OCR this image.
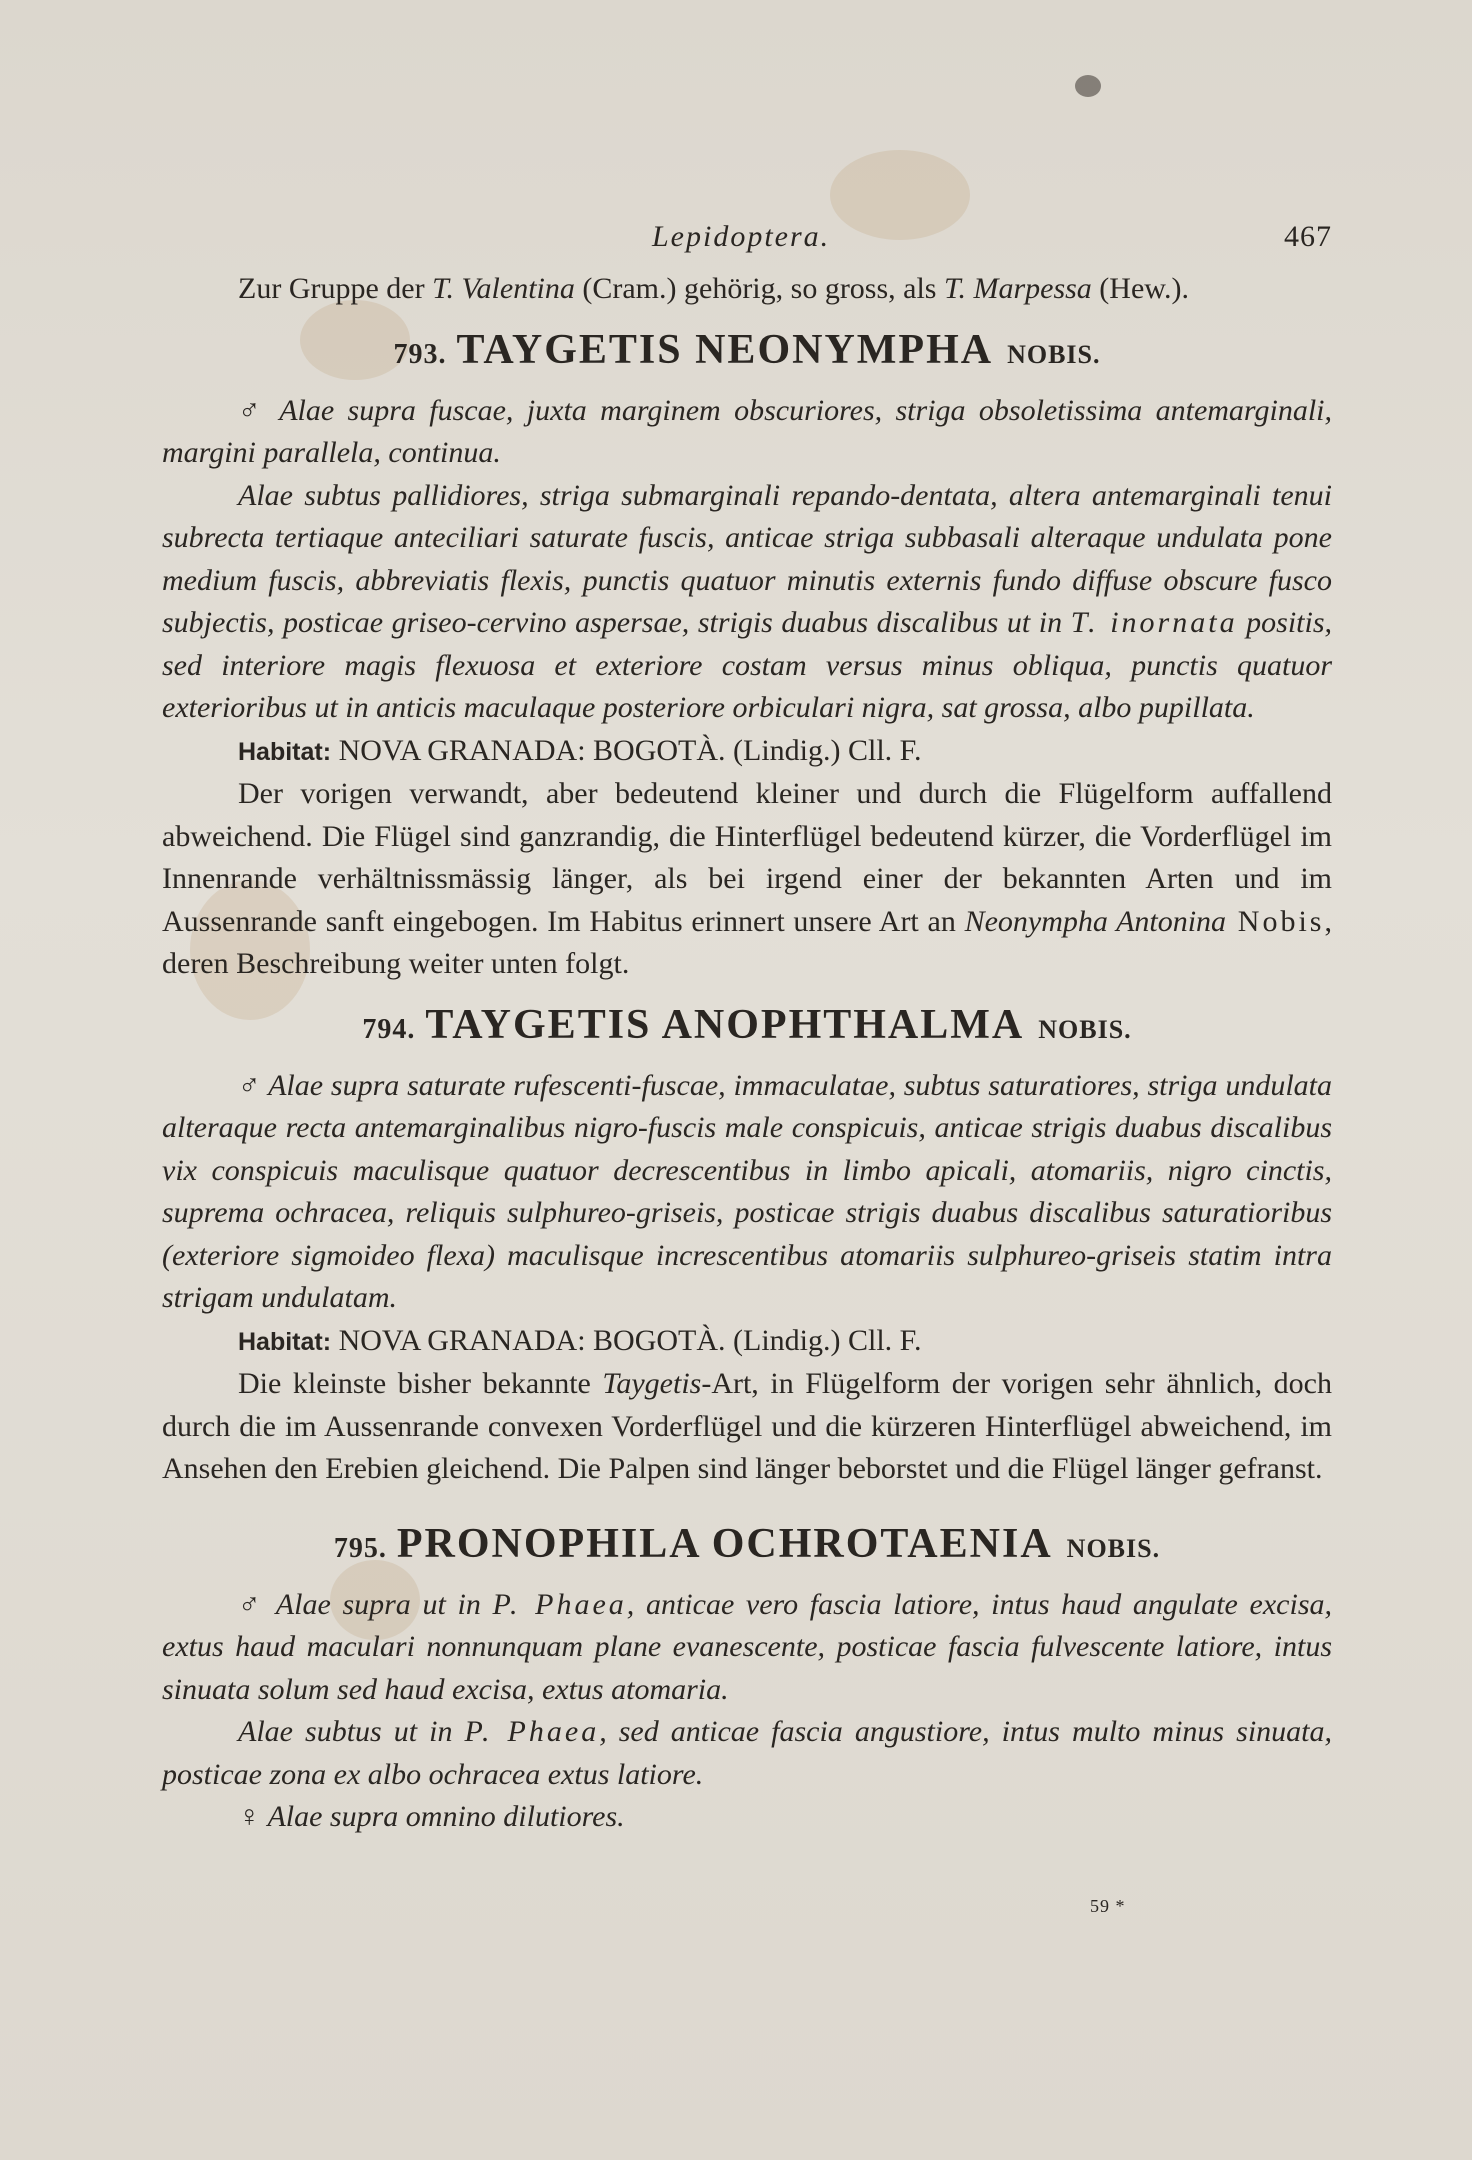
Lepidoptera.	467

Zur Gruppe der T. Valentina (Cram.) gehörig, so gross, als T. Marpessa (Hew.).

793. TAYGETIS NEONYMPHA NOBIS.

♂ Alae supra fuscae, juxta marginem obscuriores, striga obsoletissima antemarginali, margini parallela, continua.

Alae subtus pallidiores, striga submarginali repando-dentata, altera antemarginali tenui subrecta tertiaque anteciliari saturate fuscis, anticae striga subbasali alteraque undulata pone medium fuscis, abbreviatis flexis, punctis quatuor minutis externis fundo diffuse obscure fusco subjectis, posticae griseo-cervino aspersae, strigis duabus discalibus ut in T. inornata positis, sed interiore magis flexuosa et exteriore costam versus minus obliqua, punctis quatuor exterioribus ut in anticis maculaque posteriore orbiculari nigra, sat grossa, albo pupillata.

Habitat: NOVA GRANADA: BOGOTÀ. (Lindig.) Cll. F.

Der vorigen verwandt, aber bedeutend kleiner und durch die Flügelform auffallend abweichend. Die Flügel sind ganzrandig, die Hinterflügel bedeutend kürzer, die Vorderflügel im Innenrande verhältnissmässig länger, als bei irgend einer der bekannten Arten und im Aussenrande sanft eingebogen. Im Habitus erinnert unsere Art an Neonympha Antonina Nobis, deren Beschreibung weiter unten folgt.

794. TAYGETIS ANOPHTHALMA NOBIS.

♂ Alae supra saturate rufescenti-fuscae, immaculatae, subtus saturatiores, striga undulata alteraque recta antemarginalibus nigro-fuscis male conspicuis, anticae strigis duabus discalibus vix conspicuis maculisque quatuor decrescentibus in limbo apicali, atomariis, nigro cinctis, suprema ochracea, reliquis sulphureo-griseis, posticae strigis duabus discalibus saturatioribus (exteriore sigmoideo flexa) maculisque increscentibus atomariis sulphureo-griseis statim intra strigam undulatam.

Habitat: NOVA GRANADA: BOGOTÀ. (Lindig.) Cll. F.

Die kleinste bisher bekannte Taygetis-Art, in Flügelform der vorigen sehr ähnlich, doch durch die im Aussenrande convexen Vorderflügel und die kürzeren Hinterflügel abweichend, im Ansehen den Erebien gleichend. Die Palpen sind länger beborstet und die Flügel länger gefranst.

795. PRONOPHILA OCHROTAENIA NOBIS.

♂ Alae supra ut in P. Phaea, anticae vero fascia latiore, intus haud angulate excisa, extus haud maculari nonnunquam plane evanescente, posticae fascia fulvescente latiore, intus sinuata solum sed haud excisa, extus atomaria.

Alae subtus ut in P. Phaea, sed anticae fascia angustiore, intus multo minus sinuata, posticae zona ex albo ochracea extus latiore.

♀ Alae supra omnino dilutiores.

59 *
